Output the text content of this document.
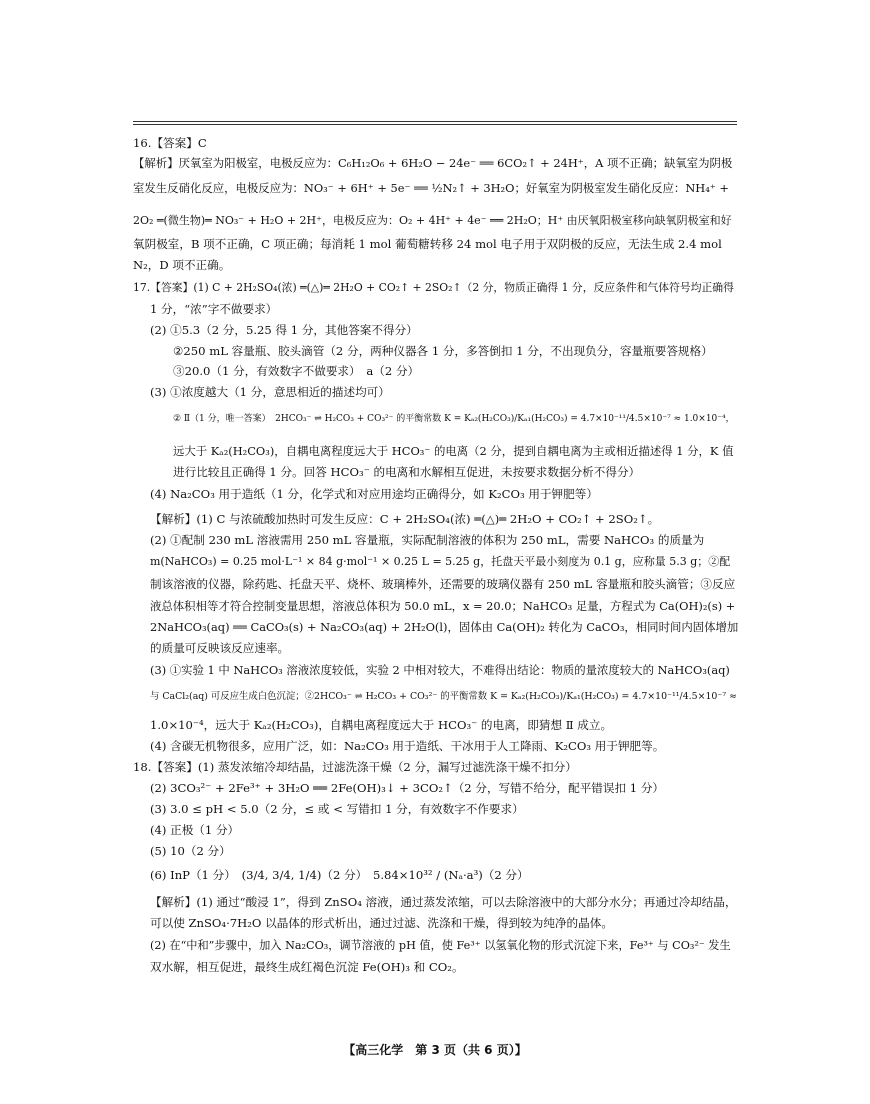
16.【答案】C
【解析】厌氧室为阳极室，电极反应为：C₆H₁₂O₆ + 6H₂O − 24e⁻ ══ 6CO₂↑ + 24H⁺，A 项不正确；缺氧室为阴极
室发生反硝化反应，电极反应为：NO₃⁻ + 6H⁺ + 5e⁻ ══ ½N₂↑ + 3H₂O；好氧室为阴极室发生硝化反应：NH₄⁺ +
2O₂ ═(微生物)═ NO₃⁻ + H₂O + 2H⁺，电极反应为：O₂ + 4H⁺ + 4e⁻ ══ 2H₂O；H⁺ 由厌氧阳极室移向缺氧阴极室和好
氧阴极室，B 项不正确，C 项正确；每消耗 1 mol 葡萄糖转移 24 mol 电子用于双阴极的反应，无法生成 2.4 mol
N₂，D 项不正确。
17.【答案】(1) C + 2H₂SO₄(浓) ═(△)═ 2H₂O + CO₂↑ + 2SO₂↑（2 分，物质正确得 1 分，反应条件和气体符号均正确得
1 分，“浓”字不做要求）
(2) ①5.3（2 分，5.25 得 1 分，其他答案不得分）
②250 mL 容量瓶、胶头滴管（2 分，两种仪器各 1 分，多答倒扣 1 分，不出现负分，容量瓶要答规格）
③20.0（1 分，有效数字不做要求）　a（2 分）
(3) ①浓度越大（1 分，意思相近的描述均可）
② Ⅱ（1 分，唯一答案）　2HCO₃⁻ ⇌ H₂CO₃ + CO₃²⁻ 的平衡常数 K = Kₐ₂(H₂CO₃)/Kₐ₁(H₂CO₃) = 4.7×10⁻¹¹/4.5×10⁻⁷ ≈ 1.0×10⁻⁴，
远大于 Kₐ₂(H₂CO₃)，自耦电离程度远大于 HCO₃⁻ 的电离（2 分，提到自耦电离为主或相近描述得 1 分，K 值
进行比较且正确得 1 分。回答 HCO₃⁻ 的电离和水解相互促进，未按要求数据分析不得分）
(4) Na₂CO₃ 用于造纸（1 分，化学式和对应用途均正确得分，如 K₂CO₃ 用于钾肥等）
【解析】(1) C 与浓硫酸加热时可发生反应：C + 2H₂SO₄(浓) ═(△)═ 2H₂O + CO₂↑ + 2SO₂↑。
(2) ①配制 230 mL 溶液需用 250 mL 容量瓶，实际配制溶液的体积为 250 mL，需要 NaHCO₃ 的质量为
m(NaHCO₃) = 0.25 mol·L⁻¹ × 84 g·mol⁻¹ × 0.25 L = 5.25 g，托盘天平最小刻度为 0.1 g，应称量 5.3 g；②配
制该溶液的仪器，除药匙、托盘天平、烧杯、玻璃棒外，还需要的玻璃仪器有 250 mL 容量瓶和胶头滴管；③反应
液总体积相等才符合控制变量思想，溶液总体积为 50.0 mL，x = 20.0；NaHCO₃ 足量，方程式为 Ca(OH)₂(s) +
2NaHCO₃(aq) ══ CaCO₃(s) + Na₂CO₃(aq) + 2H₂O(l)，固体由 Ca(OH)₂ 转化为 CaCO₃，相同时间内固体增加
的质量可反映该反应速率。
(3) ①实验 1 中 NaHCO₃ 溶液浓度较低，实验 2 中相对较大，不难得出结论：物质的量浓度较大的 NaHCO₃(aq)
与 CaCl₂(aq) 可反应生成白色沉淀；②2HCO₃⁻ ⇌ H₂CO₃ + CO₃²⁻ 的平衡常数 K = Kₐ₂(H₂CO₃)/Kₐ₁(H₂CO₃) = 4.7×10⁻¹¹/4.5×10⁻⁷ ≈
1.0×10⁻⁴，远大于 Kₐ₂(H₂CO₃)，自耦电离程度远大于 HCO₃⁻ 的电离，即猜想 Ⅱ 成立。
(4) 含碳无机物很多，应用广泛，如：Na₂CO₃ 用于造纸、干冰用于人工降雨、K₂CO₃ 用于钾肥等。
18.【答案】(1) 蒸发浓缩冷却结晶，过滤洗涤干燥（2 分，漏写过滤洗涤干燥不扣分）
(2) 3CO₃²⁻ + 2Fe³⁺ + 3H₂O ══ 2Fe(OH)₃↓ + 3CO₂↑（2 分，写错不给分，配平错误扣 1 分）
(3) 3.0 ≤ pH < 5.0（2 分，≤ 或 < 写错扣 1 分，有效数字不作要求）
(4) 正极（1 分）
(5) 10（2 分）
(6) InP（1 分）　(3/4, 3/4, 1/4)（2 分）　5.84×10³² / (Nₐ·a³)（2 分）
【解析】(1) 通过“酸浸 1”，得到 ZnSO₄ 溶液，通过蒸发浓缩，可以去除溶液中的大部分水分；再通过冷却结晶，
可以使 ZnSO₄·7H₂O 以晶体的形式析出，通过过滤、洗涤和干燥，得到较为纯净的晶体。
(2) 在“中和”步骤中，加入 Na₂CO₃，调节溶液的 pH 值，使 Fe³⁺ 以氢氧化物的形式沉淀下来，Fe³⁺ 与 CO₃²⁻ 发生
双水解，相互促进，最终生成红褐色沉淀 Fe(OH)₃ 和 CO₂。
【高三化学　第 3 页（共 6 页）】
